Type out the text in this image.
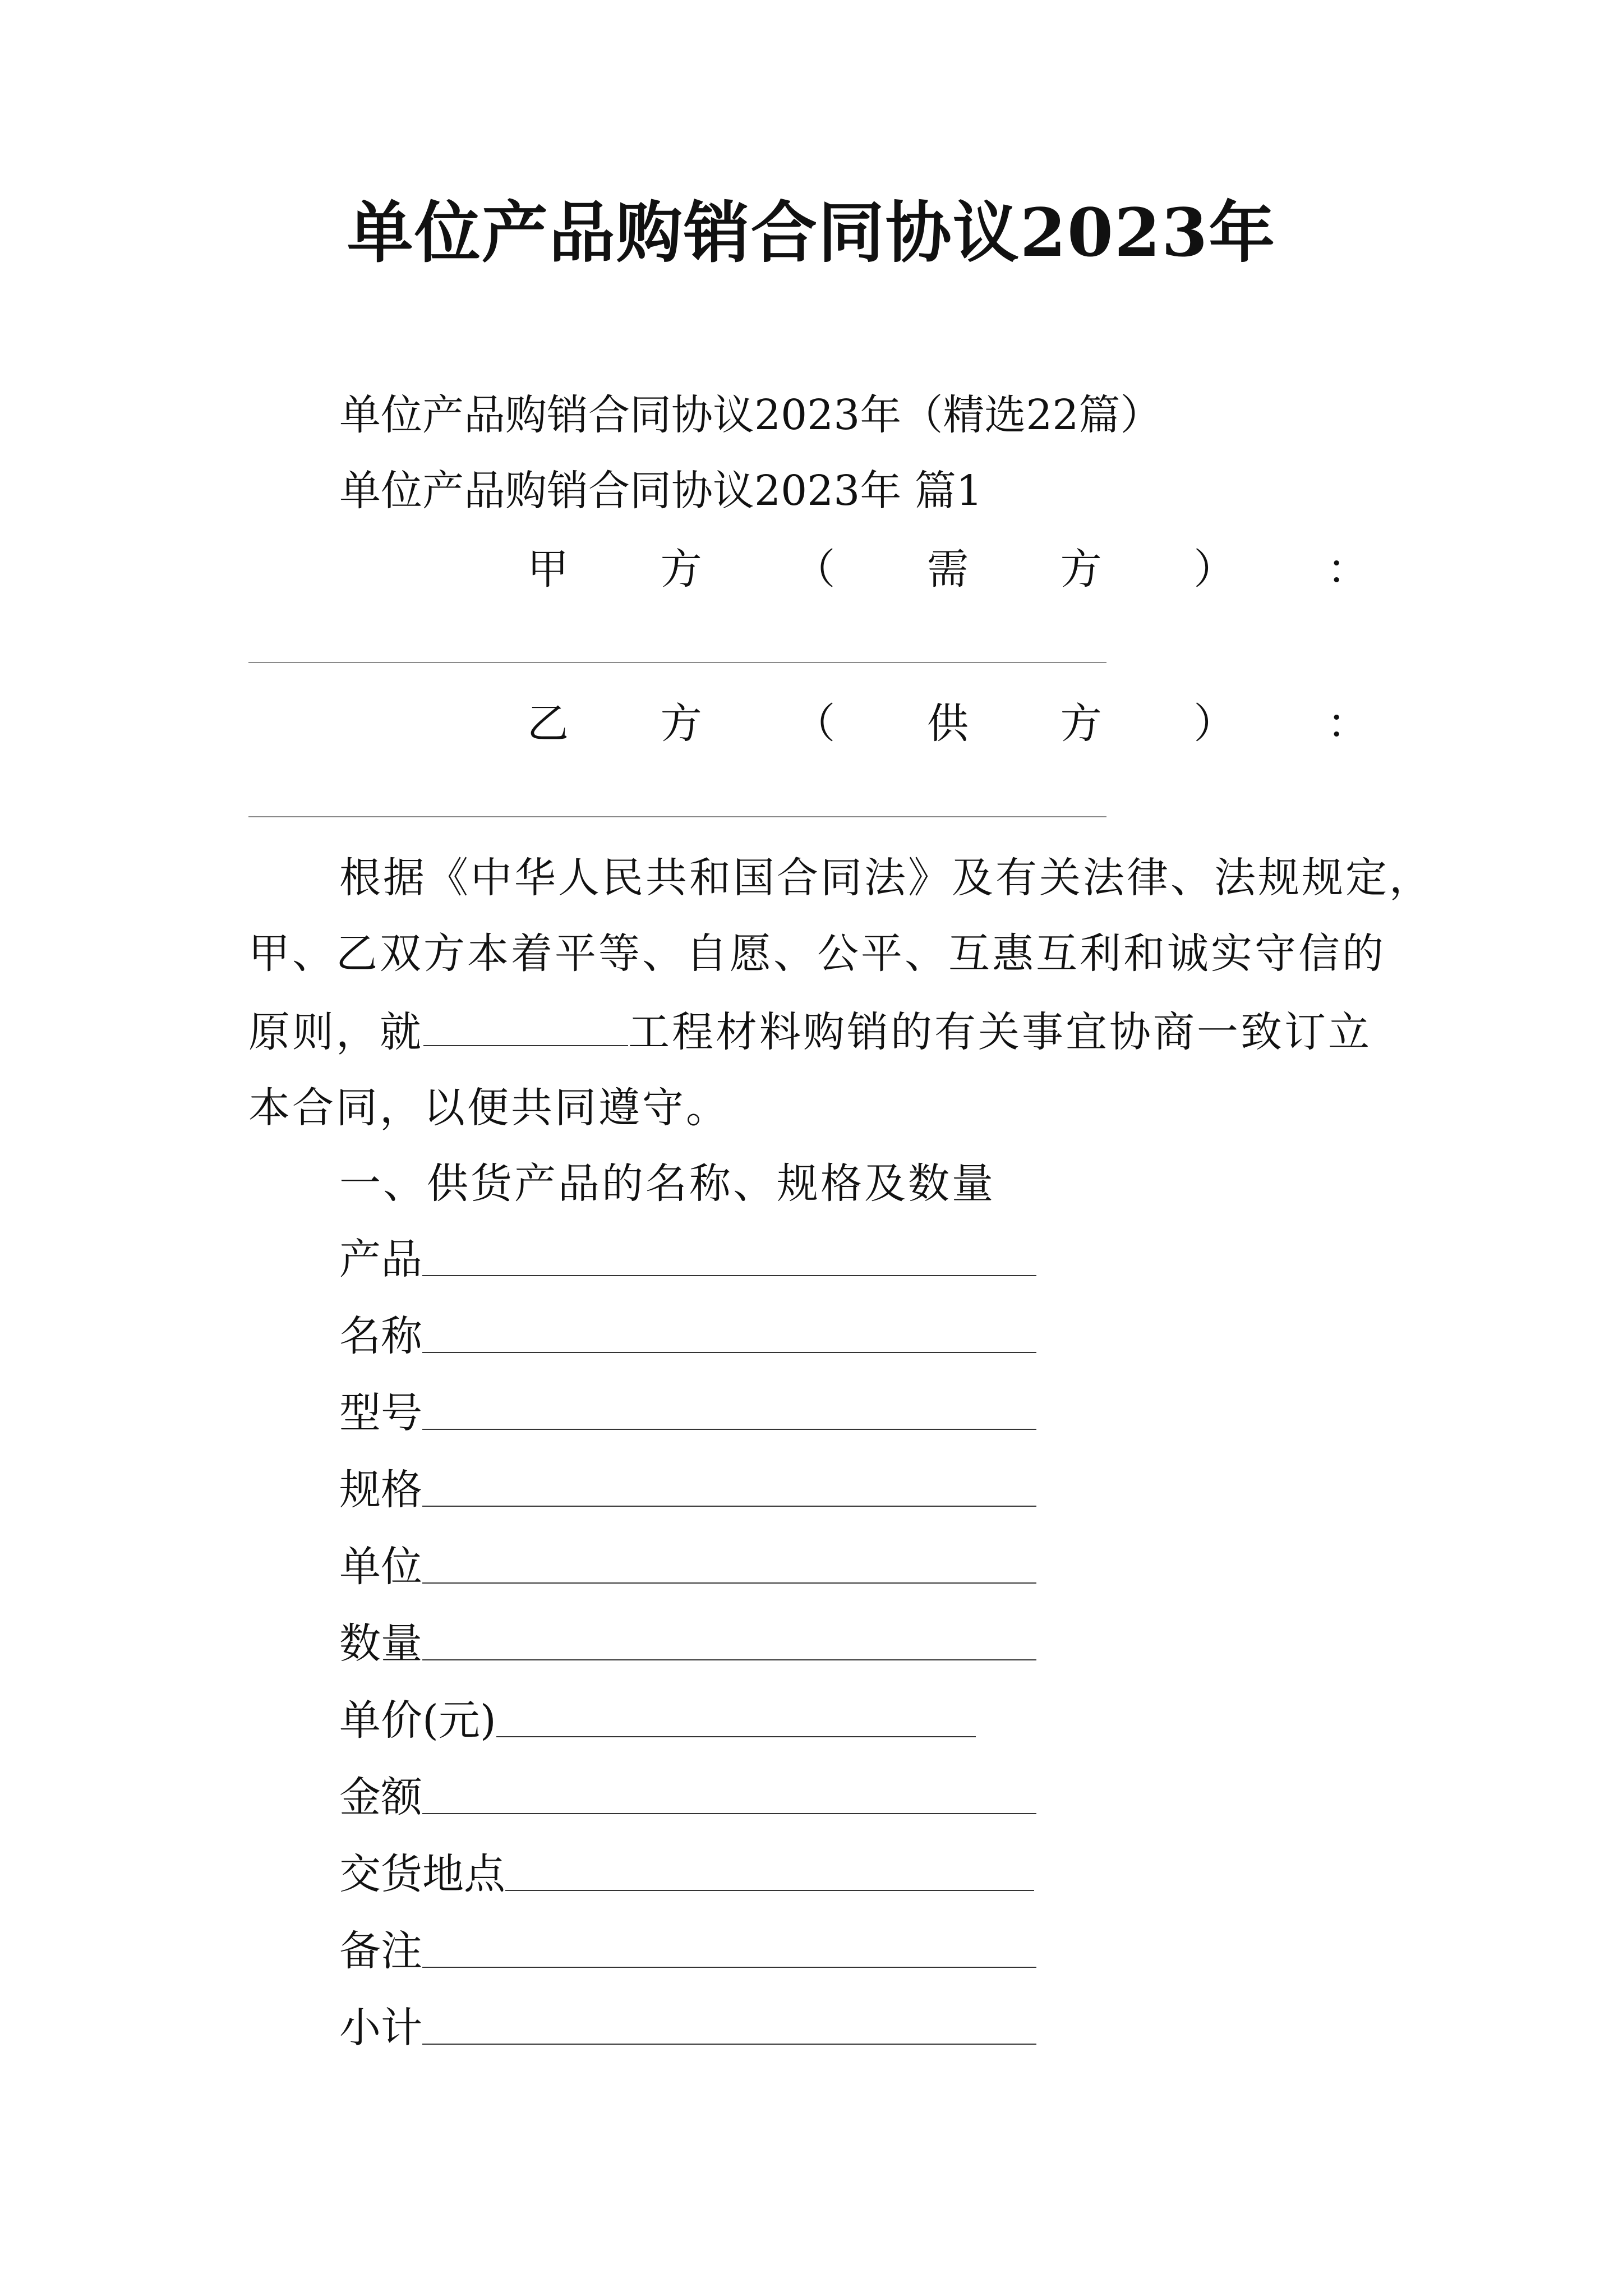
单位产品购销合同协议2023年
单位产品购销合同协议2023年（精选22篇）
单位产品购销合同协议2023年 篇1
甲 方 （ 需 方 ） ：
乙 方 （ 供 方 ） ：
根据《中华人民共和国合同法》及有关法律、法规规定，
甲、乙双方本着平等、自愿、公平、互惠互利和诚实守信的
原则，就	工程材料购销的有关事宜协商一致订立
本合同，以便共同遵守。
一、供货产品的名称、规格及数量
产品
名称
型号
规格
单位
数量
单价(元)
金额
交货地点
备注
小计
